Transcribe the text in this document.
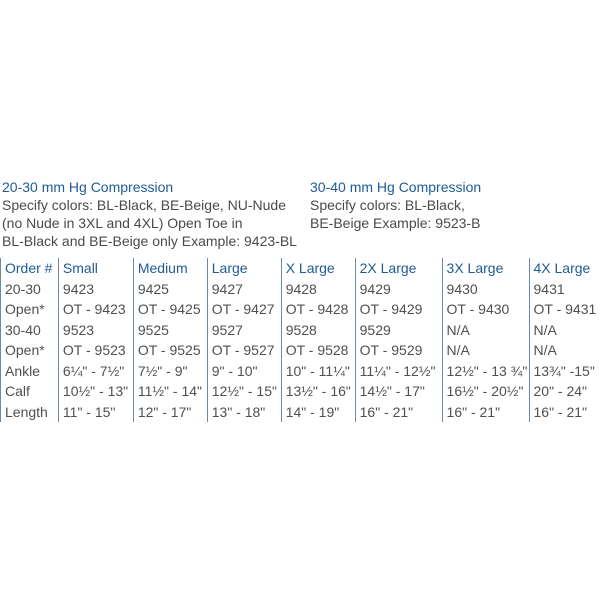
20-30 mm Hg Compression
Specify colors: BL-Black, BE-Beige, NU-Nude
(no Nude in 3XL and 4XL) Open Toe in
BL-Black and BE-Beige only Example: 9423-BL
30-40 mm Hg Compression
Specify colors: BL-Black,
BE-Beige Example: 9523-B
Order #	Small	Medium	Large	X Large	2X Large	3X Large	4X Large
20-30	9423	9425	9427	9428	9429	9430	9431
Open*	OT - 9423	OT - 9425	OT - 9427	OT - 9428	OT - 9429	OT - 9430	OT - 9431
30-40	9523	9525	9527	9528	9529	N/A	N/A
Open*	OT - 9523	OT - 9525	OT - 9527	OT - 9528	OT - 9529	N/A	N/A
Ankle	6¼" - 7½"	7½" - 9"	9" - 10"	10" - 11¼"	11¼" - 12½"	12½" - 13 ¾"	13¾" -15"
Calf	10½" - 13"	11½" - 14"	12½" - 15"	13½" - 16"	14½" - 17"	16½" - 20½"	20" - 24"
Length	11" - 15"	12" - 17"	13" - 18"	14" - 19"	16" - 21"	16" - 21"	16" - 21"
